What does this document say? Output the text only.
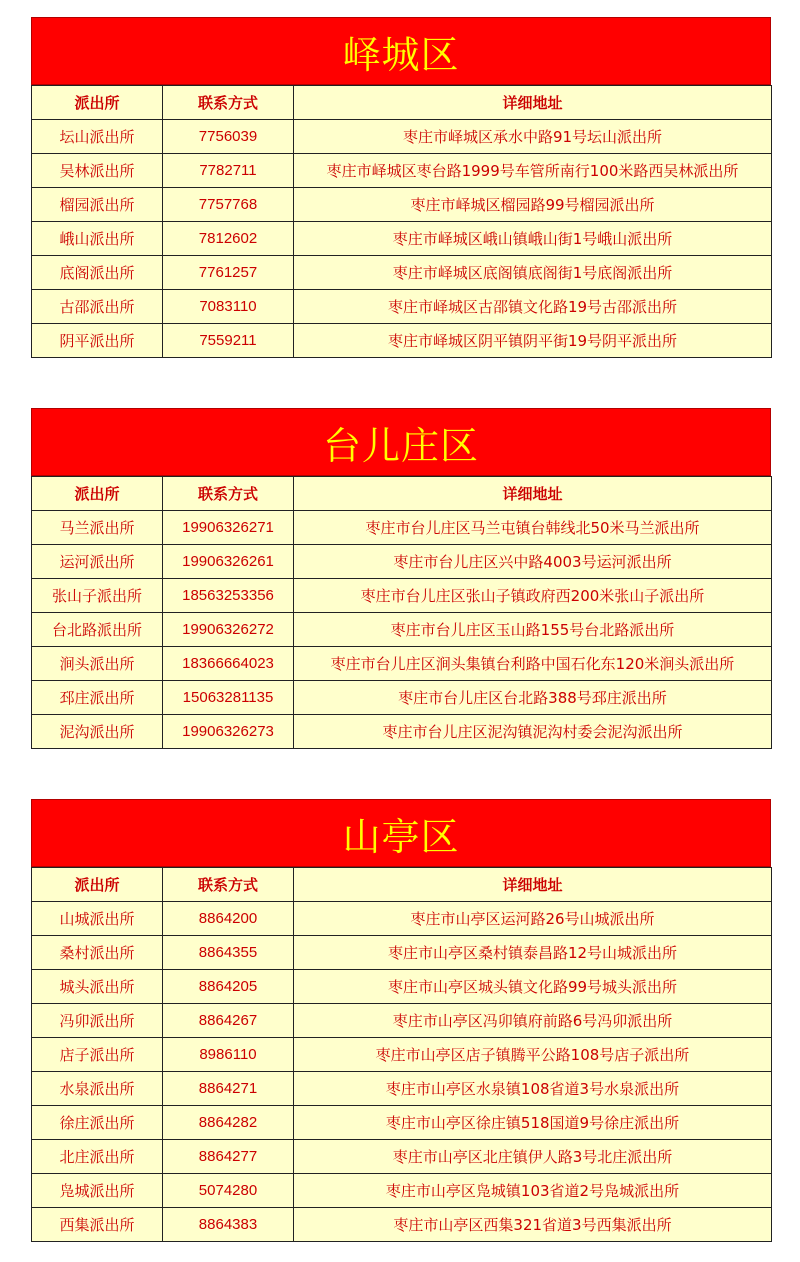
峄城区
派出所	联系方式	详细地址
坛山派出所	7756039	枣庄市峄城区承水中路91号坛山派出所
吴林派出所	7782711	枣庄市峄城区枣台路1999号车管所南行100米路西吴林派出所
榴园派出所	7757768	枣庄市峄城区榴园路99号榴园派出所
峨山派出所	7812602	枣庄市峄城区峨山镇峨山街1号峨山派出所
底阁派出所	7761257	枣庄市峄城区底阁镇底阁街1号底阁派出所
古邵派出所	7083110	枣庄市峄城区古邵镇文化路19号古邵派出所
阴平派出所	7559211	枣庄市峄城区阴平镇阴平街19号阴平派出所
台儿庄区
派出所	联系方式	详细地址
马兰派出所	19906326271	枣庄市台儿庄区马兰屯镇台韩线北50米马兰派出所
运河派出所	19906326261	枣庄市台儿庄区兴中路4003号运河派出所
张山子派出所	18563253356	枣庄市台儿庄区张山子镇政府西200米张山子派出所
台北路派出所	19906326272	枣庄市台儿庄区玉山路155号台北路派出所
涧头派出所	18366664023	枣庄市台儿庄区涧头集镇台利路中国石化东120米涧头派出所
邳庄派出所	15063281135	枣庄市台儿庄区台北路388号邳庄派出所
泥沟派出所	19906326273	枣庄市台儿庄区泥沟镇泥沟村委会泥沟派出所
山亭区
派出所	联系方式	详细地址
山城派出所	8864200	枣庄市山亭区运河路26号山城派出所
桑村派出所	8864355	枣庄市山亭区桑村镇泰昌路12号山城派出所
城头派出所	8864205	枣庄市山亭区城头镇文化路99号城头派出所
冯卯派出所	8864267	枣庄市山亭区冯卯镇府前路6号冯卯派出所
店子派出所	8986110	枣庄市山亭区店子镇腾平公路108号店子派出所
水泉派出所	8864271	枣庄市山亭区水泉镇108省道3号水泉派出所
徐庄派出所	8864282	枣庄市山亭区徐庄镇518国道9号徐庄派出所
北庄派出所	8864277	枣庄市山亭区北庄镇伊人路3号北庄派出所
凫城派出所	5074280	枣庄市山亭区凫城镇103省道2号凫城派出所
西集派出所	8864383	枣庄市山亭区西集321省道3号西集派出所
